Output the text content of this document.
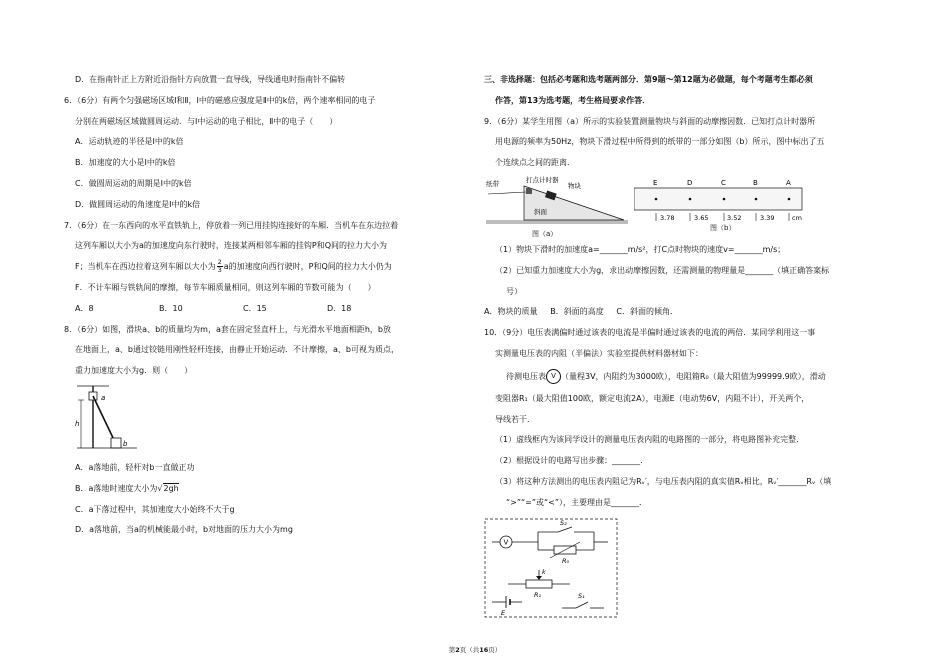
D．在指南针正上方附近沿指针方向放置一直导线，导线通电时指南针不偏转

6．（6分）有两个匀强磁场区域Ⅰ和Ⅱ，Ⅰ中的磁感应强度是Ⅱ中的k倍，两个速率相同的电子

分别在两磁场区域做圆周运动．与Ⅰ中运动的电子相比，Ⅱ中的电子（　　）

A．运动轨迹的半径是Ⅰ中的k倍

B．加速度的大小是Ⅰ中的k倍

C．做圆周运动的周期是Ⅰ中的k倍

D．做圆周运动的角速度是Ⅰ中的k倍

7．（6分）在一东西向的水平直铁轨上，停放着一列已用挂钩连接好的车厢．当机车在东边拉着

这列车厢以大小为a的加速度向东行驶时，连接某两相邻车厢的挂钩P和Q间的拉力大小为

F；当机车在西边拉着这列车厢以大小为 $\frac{2}{3}$ a的加速度向西行驶时，P和Q间的拉力大小仍为

F．不计车厢与铁轨间的摩擦，每节车厢质量相同，则这列车厢的节数可能为（　　）

A．8	B．10	C．15	D．18

8．（6分）如图，滑块a、b的质量均为m，a套在固定竖直杆上，与光滑水平地面相距h，b放

在地面上，a、b通过铰链用刚性轻杆连接，由静止开始运动．不计摩擦，a、b可视为质点，

重力加速度大小为g．则（　　）

a
b
h

A．a落地前，轻杆对b一直做正功

B．a落地时速度大小为√2gh

C．a下落过程中，其加速度大小始终不大于g

D．a落地前，当a的机械能最小时，b对地面的压力大小为mg

三、非选择题：包括必考题和选考题两部分．第9题～第12题为必做题，每个考题考生都必须

作答，第13为选考题，考生格局要求作答．

9．（6分）某学生用图（a）所示的实验装置测量物块与斜面的动摩擦因数．已知打点计时器所

用电源的频率为50Hz，物块下滑过程中所得到的纸带的一部分如图（b）所示，图中标出了五

个连续点之间的距离．

纸带	打点计时器
物块
斜面
图（a）
E	D	C	B	A
3.78	3.65	3.52	3.39	cm
图（b）

（1）物块下滑时的加速度a=_______m/s²，打C点时物块的速度v=_______m/s；

（2）已知重力加速度大小为g，求出动摩擦因数，还需测量的物理量是_______（填正确答案标

号）

A．物块的质量 B．斜面的高度 C．斜面的倾角．

10．（9分）电压表满偏时通过该表的电流是半偏时通过该表的电流的两倍．某同学利用这一事

实测量电压表的内阻（半偏法）实验室提供材料器材如下：

待测电压表 V （量程3V，内阻约为3000欧），电阻箱R₀（最大阻值为99999.9欧），滑动

变阻器R₁（最大阻值100欧，额定电流2A），电源E（电动势6V，内阻不计），开关两个，

导线若干．

（1）虚线框内为该同学设计的测量电压表内阻的电路图的一部分，将电路图补充完整．

（2）根据设计的电路写出步骤：_______．

（3）将这种方法测出的电压表内阻记为Rᵥ′，与电压表内阻的真实值Rᵥ相比，Rᵥ′_______Rᵥ（填

“>”“=”或“<”），主要理由是_______．

V
S₂
R₀
k
R₁
E
S₁
第2页（共16页）
